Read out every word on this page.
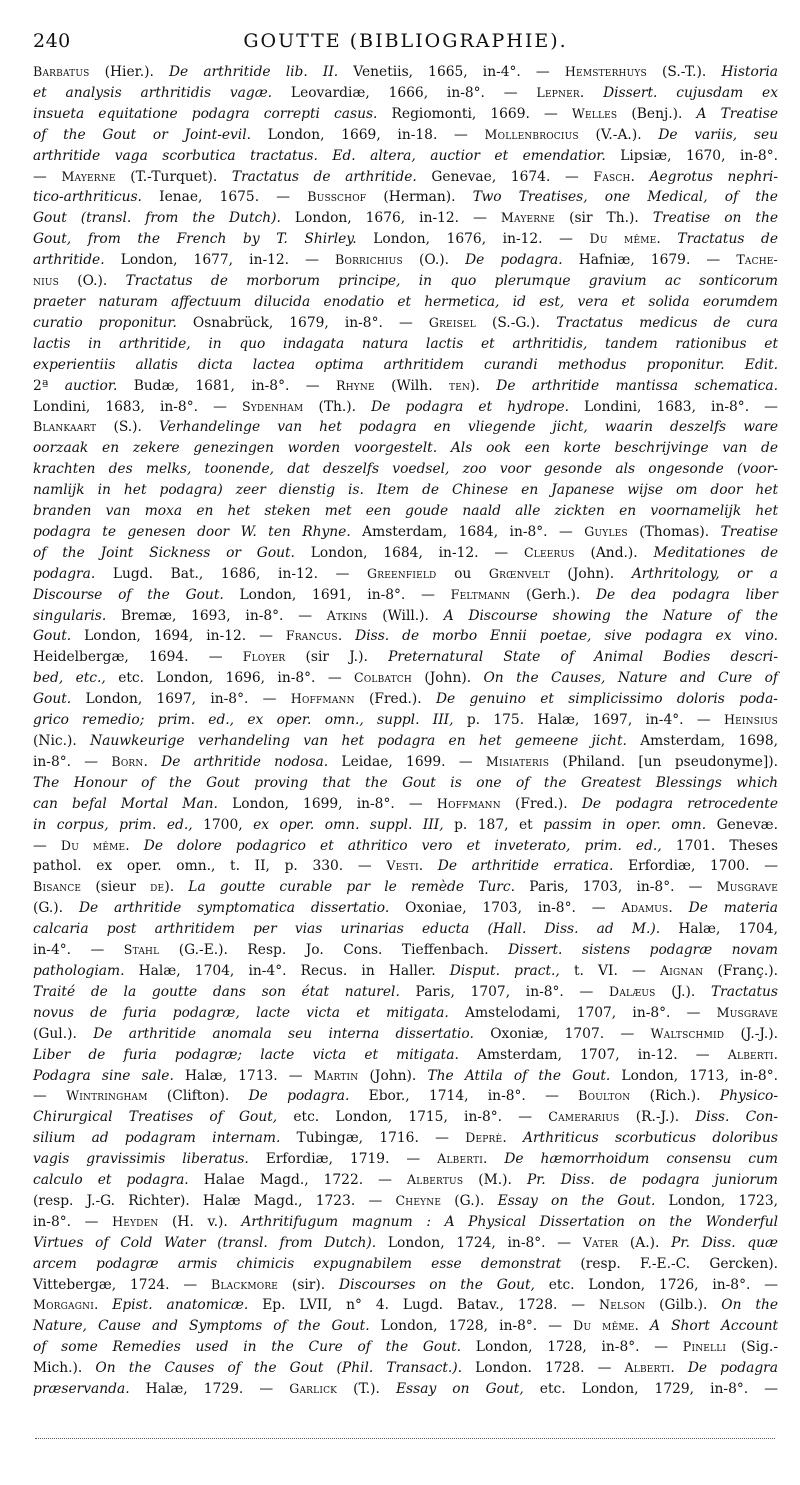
240	GOUTTE (BIBLIOGRAPHIE).
Barbatus (Hier.). De arthritide lib. II. Venetiis, 1665, in-4°. — Hemsterhuys (S.-T.). Historia
et analysis arthritidis vagæ. Leovardiæ, 1666, in-8°. — Lepner. Dissert. cujusdam ex
insueta equitatione podagra correpti casus. Regiomonti, 1669. — Welles (Benj.). A Treatise
of the Gout or Joint-evil. London, 1669, in-18. — Mollenbrocius (V.-A.). De variis, seu
arthritide vaga scorbutica tractatus. Ed. altera, auctior et emendatior. Lipsiæ, 1670, in-8°.
— Mayerne (T.-Turquet). Tractatus de arthritide. Genevae, 1674. — Fasch. Aegrotus nephri-
tico-arthriticus. Ienae, 1675. — Busschof (Herman). Two Treatises, one Medical, of the
Gout (transl. from the Dutch). London, 1676, in-12. — Mayerne (sir Th.). Treatise on the
Gout, from the French by T. Shirley. London, 1676, in-12. — Du même. Tractatus de
arthritide. London, 1677, in-12. — Borrichius (O.). De podagra. Hafniæ, 1679. — Tache-
nius (O.). Tractatus de morborum principe, in quo plerumque gravium ac sonticorum
praeter naturam affectuum dilucida enodatio et hermetica, id est, vera et solida eorumdem
curatio proponitur. Osnabrück, 1679, in-8°. — Greisel (S.-G.). Tractatus medicus de cura
lactis in arthritide, in quo indagata natura lactis et arthritidis, tandem rationibus et
experientiis allatis dicta lactea optima arthritidem curandi methodus proponitur. Edit.
2ª auctior. Budæ, 1681, in-8°. — Rhyne (Wilh. ten). De arthritide mantissa schematica.
Londini, 1683, in-8°. — Sydenham (Th.). De podagra et hydrope. Londini, 1683, in-8°. —
Blankaart (S.). Verhandelinge van het podagra en vliegende jicht, waarin deszelfs ware
oorzaak en zekere genezingen worden voorgestelt. Als ook een korte beschrijvinge van de
krachten des melks, toonende, dat deszelfs voedsel, zoo voor gesonde als ongesonde (voor-
namlijk in het podagra) zeer dienstig is. Item de Chinese en Japanese wijse om door het
branden van moxa en het steken met een goude naald alle zickten en voornamelijk het
podagra te genesen door W. ten Rhyne. Amsterdam, 1684, in-8°. — Guyles (Thomas). Treatise
of the Joint Sickness or Gout. London, 1684, in-12. — Cleerus (And.). Meditationes de
podagra. Lugd. Bat., 1686, in-12. — Greenfield ou Grœnvelt (John). Arthritology, or a
Discourse of the Gout. London, 1691, in-8°. — Feltmann (Gerh.). De dea podagra liber
singularis. Bremæ, 1693, in-8°. — Atkins (Will.). A Discourse showing the Nature of the
Gout. London, 1694, in-12. — Francus. Diss. de morbo Ennii poetae, sive podagra ex vino.
Heidelbergæ, 1694. — Floyer (sir J.). Preternatural State of Animal Bodies descri-
bed, etc., etc. London, 1696, in-8°. — Colbatch (John). On the Causes, Nature and Cure of
Gout. London, 1697, in-8°. — Hoffmann (Fred.). De genuino et simplicissimo doloris poda-
grico remedio; prim. ed., ex oper. omn., suppl. III, p. 175. Halæ, 1697, in-4°. — Heinsius
(Nic.). Nauwkeurige verhandeling van het podagra en het gemeene jicht. Amsterdam, 1698,
in-8°. — Born. De arthritide nodosa. Leidae, 1699. — Misiateris (Philand. [un pseudonyme]).
The Honour of the Gout proving that the Gout is one of the Greatest Blessings which
can befal Mortal Man. London, 1699, in-8°. — Hoffmann (Fred.). De podagra retrocedente
in corpus, prim. ed., 1700, ex oper. omn. suppl. III, p. 187, et passim in oper. omn. Genevæ.
— Du même. De dolore podagrico et athritico vero et inveterato, prim. ed., 1701. Theses
pathol. ex oper. omn., t. II, p. 330. — Vesti. De arthritide erratica. Erfordiæ, 1700. —
Bisance (sieur de). La goutte curable par le remède Turc. Paris, 1703, in-8°. — Musgrave
(G.). De arthritide symptomatica dissertatio. Oxoniae, 1703, in-8°. — Adamus. De materia
calcaria post arthritidem per vias urinarias educta (Hall. Diss. ad M.). Halæ, 1704,
in-4°. — Stahl (G.-E.). Resp. Jo. Cons. Tieffenbach. Dissert. sistens podagræ novam
pathologiam. Halæ, 1704, in-4°. Recus. in Haller. Disput. pract., t. VI. — Aignan (Franç.).
Traité de la goutte dans son état naturel. Paris, 1707, in-8°. — Dalæus (J.). Tractatus
novus de furia podagræ, lacte victa et mitigata. Amstelodami, 1707, in-8°. — Musgrave
(Gul.). De arthritide anomala seu interna dissertatio. Oxoniæ, 1707. — Waltschmid (J.-J.).
Liber de furia podagræ; lacte victa et mitigata. Amsterdam, 1707, in-12. — Alberti.
Podagra sine sale. Halæ, 1713. — Martin (John). The Attila of the Gout. London, 1713, in-8°.
— Wintringham (Clifton). De podagra. Ebor., 1714, in-8°. — Boulton (Rich.). Physico-
Chirurgical Treatises of Gout, etc. London, 1715, in-8°. — Camerarius (R.-J.). Diss. Con-
silium ad podagram internam. Tubingæ, 1716. — Deprè. Arthriticus scorbuticus doloribus
vagis gravissimis liberatus. Erfordiæ, 1719. — Alberti. De hæmorrhoidum consensu cum
calculo et podagra. Halae Magd., 1722. — Albertus (M.). Pr. Diss. de podagra juniorum
(resp. J.-G. Richter). Halæ Magd., 1723. — Cheyne (G.). Essay on the Gout. London, 1723,
in-8°. — Heyden (H. v.). Arthritifugum magnum : A Physical Dissertation on the Wonderful
Virtues of Cold Water (transl. from Dutch). London, 1724, in-8°. — Vater (A.). Pr. Diss. quæ
arcem podagræ armis chimicis expugnabilem esse demonstrat (resp. F.-E.-C. Gercken).
Vittebergæ, 1724. — Blackmore (sir). Discourses on the Gout, etc. London, 1726, in-8°. —
Morgagni. Epist. anatomicæ. Ep. LVII, n° 4. Lugd. Batav., 1728. — Nelson (Gilb.). On the
Nature, Cause and Symptoms of the Gout. London, 1728, in-8°. — Du même. A Short Account
of some Remedies used in the Cure of the Gout. London, 1728, in-8°. — Pinelli (Sig.-
Mich.). On the Causes of the Gout (Phil. Transact.). London. 1728. — Alberti. De podagra
præservanda. Halæ, 1729. — Garlick (T.). Essay on Gout, etc. London, 1729, in-8°. —
